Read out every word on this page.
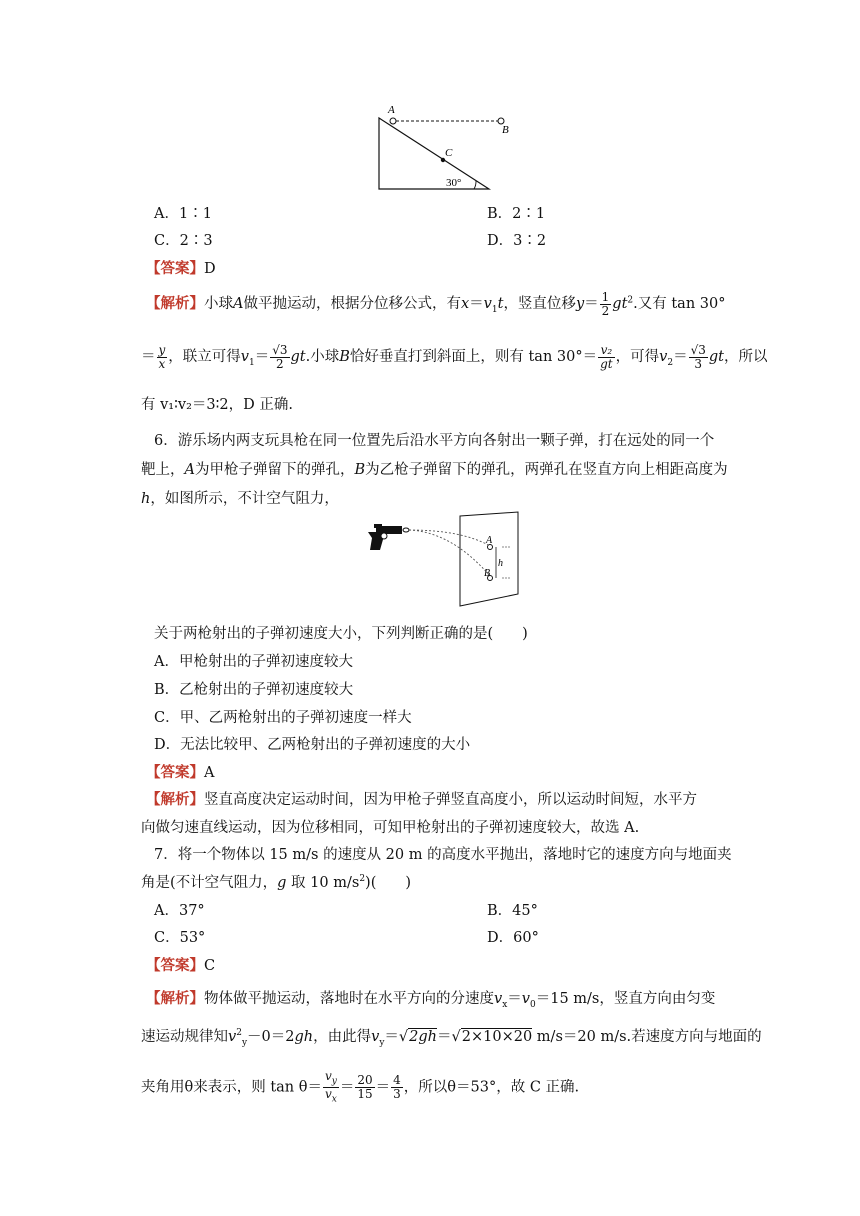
A
B
C
30°
A．1∶1	B．2∶1
C．2∶3	D．3∶2
【答案】D
【解析】小球A做平抛运动，根据分位移公式，有$x=v_1t$，竖直位移$y= \frac{1}{2} gt^2$.又有 tan 30°
＝ $\frac{y}{x}$ ，联立可得$v_1= \frac{√3}{2}$ gt.小球B恰好垂直打到斜面上，则有 $\tan 30^\circ= \frac{\text{v₂}}{gt}$ ，可得$v_2= \frac{√3}{3}$ gt，所以
有 v₁∶v₂＝3∶2，D 正确.
6．游乐场内两支玩具枪在同一位置先后沿水平方向各射出一颗子弹，打在远处的同一个
靶上，A为甲枪子弹留下的弹孔，B为乙枪子弹留下的弹孔，两弹孔在竖直方向上相距高度为
h，如图所示，不计空气阻力，
A
B
h
关于两枪射出的子弹初速度大小，下列判断正确的是(　　)
A．甲枪射出的子弹初速度较大
B．乙枪射出的子弹初速度较大
C．甲、乙两枪射出的子弹初速度一样大
D．无法比较甲、乙两枪射出的子弹初速度的大小
【答案】A
【解析】竖直高度决定运动时间，因为甲枪子弹竖直高度小，所以运动时间短，水平方
向做匀速直线运动，因为位移相同，可知甲枪射出的子弹初速度较大，故选 A.
7．将一个物体以 15 m/s 的速度从 20 m 的高度水平抛出，落地时它的速度方向与地面夹
角是(不计空气阻力，g 取 10 $m/s^2$)(　　)
A．37°	B．45°
C．53°	D．60°
【答案】C
【解析】物体做平抛运动，落地时在水平方向的分速度$v_x=v_0=15$ m/s，竖直方向由匀变
速运动规律知$v^2_y-0=2gh$，由此得$v_y=√2gh=√2\times 10\times 20$ m/s＝20 m/s.若速度方向与地面的
夹角用θ来表示，则 $\tan \theta= \frac{v_y}{v_x} = \frac{20}{15} = \frac{4}{3}$ ，所以θ＝53°，故 C 正确.
